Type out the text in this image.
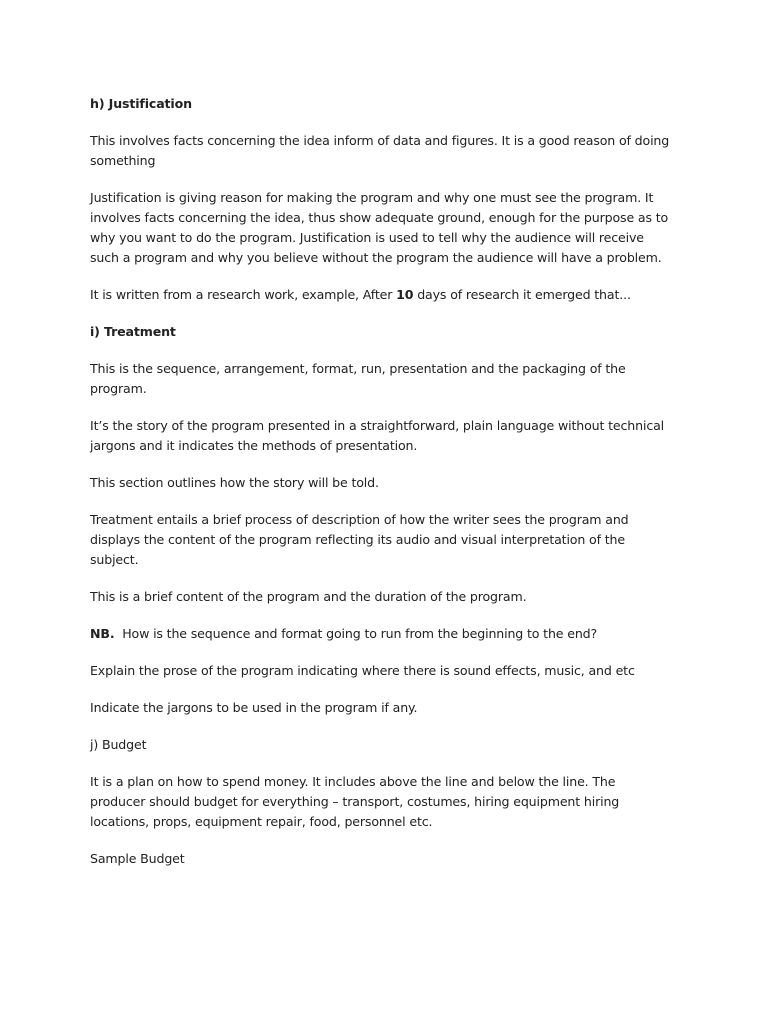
h) Justification

This involves facts concerning the idea inform of data and figures. It is a good reason of doing something

Justification is giving reason for making the program and why one must see the program. It involves facts concerning the idea, thus show adequate ground, enough for the purpose as to why you want to do the program. Justification is used to tell why the audience will receive such a program and why you believe without the program the audience will have a problem.

It is written from a research work, example, After 10 days of research it emerged that...

i) Treatment

This is the sequence, arrangement, format, run, presentation and the packaging of the program.

It’s the story of the program presented in a straightforward, plain language without technical jargons and it indicates the methods of presentation.

This section outlines how the story will be told.

Treatment entails a brief process of description of how the writer sees the program and displays the content of the program reflecting its audio and visual interpretation of the subject.

This is a brief content of the program and the duration of the program.

NB.  How is the sequence and format going to run from the beginning to the end?

Explain the prose of the program indicating where there is sound effects, music, and etc

Indicate the jargons to be used in the program if any.

j) Budget

It is a plan on how to spend money. It includes above the line and below the line. The producer should budget for everything – transport, costumes, hiring equipment hiring locations, props, equipment repair, food, personnel etc.

Sample Budget
